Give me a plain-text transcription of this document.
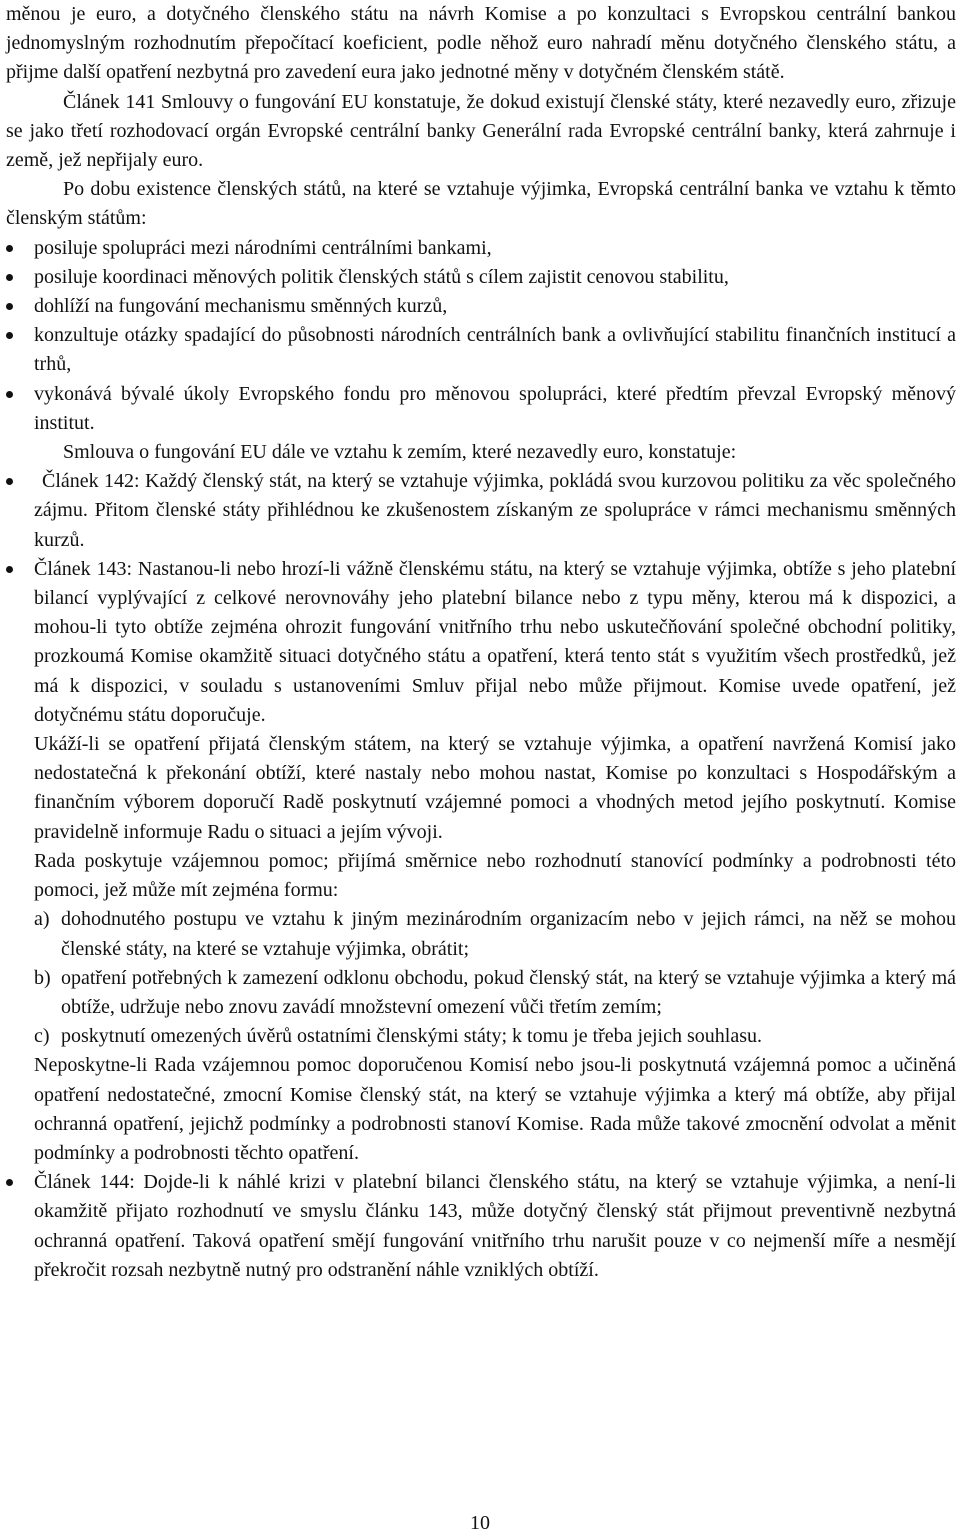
měnou je euro, a dotyčného členského státu na návrh Komise a po konzultaci s Evropskou centrální bankou jednomyslným rozhodnutím přepočítací koeficient, podle něhož euro nahradí měnu dotyčného členského státu, a přijme další opatření nezbytná pro zavedení eura jako jednotné měny v dotyčném členském státě.

Článek 141 Smlouvy o fungování EU konstatuje, že dokud existují členské státy, které nezavedly euro, zřizuje se jako třetí rozhodovací orgán Evropské centrální banky Generální rada Evropské centrální banky, která zahrnuje i země, jež nepřijaly euro.

Po dobu existence členských států, na které se vztahuje výjimka, Evropská centrální banka ve vztahu k těmto členským státům:

posiluje spolupráci mezi národními centrálními bankami,
posiluje koordinaci měnových politik členských států s cílem zajistit cenovou stabilitu,
dohlíží na fungování mechanismu směnných kurzů,
konzultuje otázky spadající do působnosti národních centrálních bank a ovlivňující stabilitu finančních institucí a trhů,
vykonává bývalé úkoly Evropského fondu pro měnovou spolupráci, které předtím převzal Evropský měnový institut.

Smlouva o fungování EU dále ve vztahu k zemím, které nezavedly euro, konstatuje:

Článek 142: Každý členský stát, na který se vztahuje výjimka, pokládá svou kurzovou politiku za věc společného zájmu. Přitom členské státy přihlédnou ke zkušenostem získaným ze spolupráce v rámci mechanismu směnných kurzů.

Článek 143: Nastanou-li nebo hrozí-li vážně členskému státu, na který se vztahuje výjimka, obtíže s jeho platební bilancí vyplývající z celkové nerovnováhy jeho platební bilance nebo z typu měny, kterou má k dispozici, a mohou-li tyto obtíže zejména ohrozit fungování vnitřního trhu nebo uskutečňování společné obchodní politiky, prozkoumá Komise okamžitě situaci dotyčného státu a opatření, která tento stát s využitím všech prostředků, jež má k dispozici, v souladu s ustanoveními Smluv přijal nebo může přijmout. Komise uvede opatření, jež dotyčnému státu doporučuje.

Ukáží-li se opatření přijatá členským státem, na který se vztahuje výjimka, a opatření navržená Komisí jako nedostatečná k překonání obtíží, které nastaly nebo mohou nastat, Komise po konzultaci s Hospodářským a finančním výborem doporučí Radě poskytnutí vzájemné pomoci a vhodných metod jejího poskytnutí. Komise pravidelně informuje Radu o situaci a jejím vývoji.

Rada poskytuje vzájemnou pomoc; přijímá směrnice nebo rozhodnutí stanovící podmínky a podrobnosti této pomoci, jež může mít zejména formu:

a) dohodnutého postupu ve vztahu k jiným mezinárodním organizacím nebo v jejich rámci, na něž se mohou členské státy, na které se vztahuje výjimka, obrátit;
b) opatření potřebných k zamezení odklonu obchodu, pokud členský stát, na který se vztahuje výjimka a který má obtíže, udržuje nebo znovu zavádí množstevní omezení vůči třetím zemím;
c) poskytnutí omezených úvěrů ostatními členskými státy; k tomu je třeba jejich souhlasu.

Neposkytne-li Rada vzájemnou pomoc doporučenou Komisí nebo jsou-li poskytnutá vzájemná pomoc a učiněná opatření nedostatečné, zmocní Komise členský stát, na který se vztahuje výjimka a který má obtíže, aby přijal ochranná opatření, jejichž podmínky a podrobnosti stanoví Komise. Rada může takové zmocnění odvolat a měnit podmínky a podrobnosti těchto opatření.

Článek 144: Dojde-li k náhlé krizi v platební bilanci členského státu, na který se vztahuje výjimka, a není-li okamžitě přijato rozhodnutí ve smyslu článku 143, může dotyčný členský stát přijmout preventivně nezbytná ochranná opatření. Taková opatření smějí fungování vnitřního trhu narušit pouze v co nejmenší míře a nesmějí překročit rozsah nezbytně nutný pro odstranění náhle vzniklých obtíží.

10
